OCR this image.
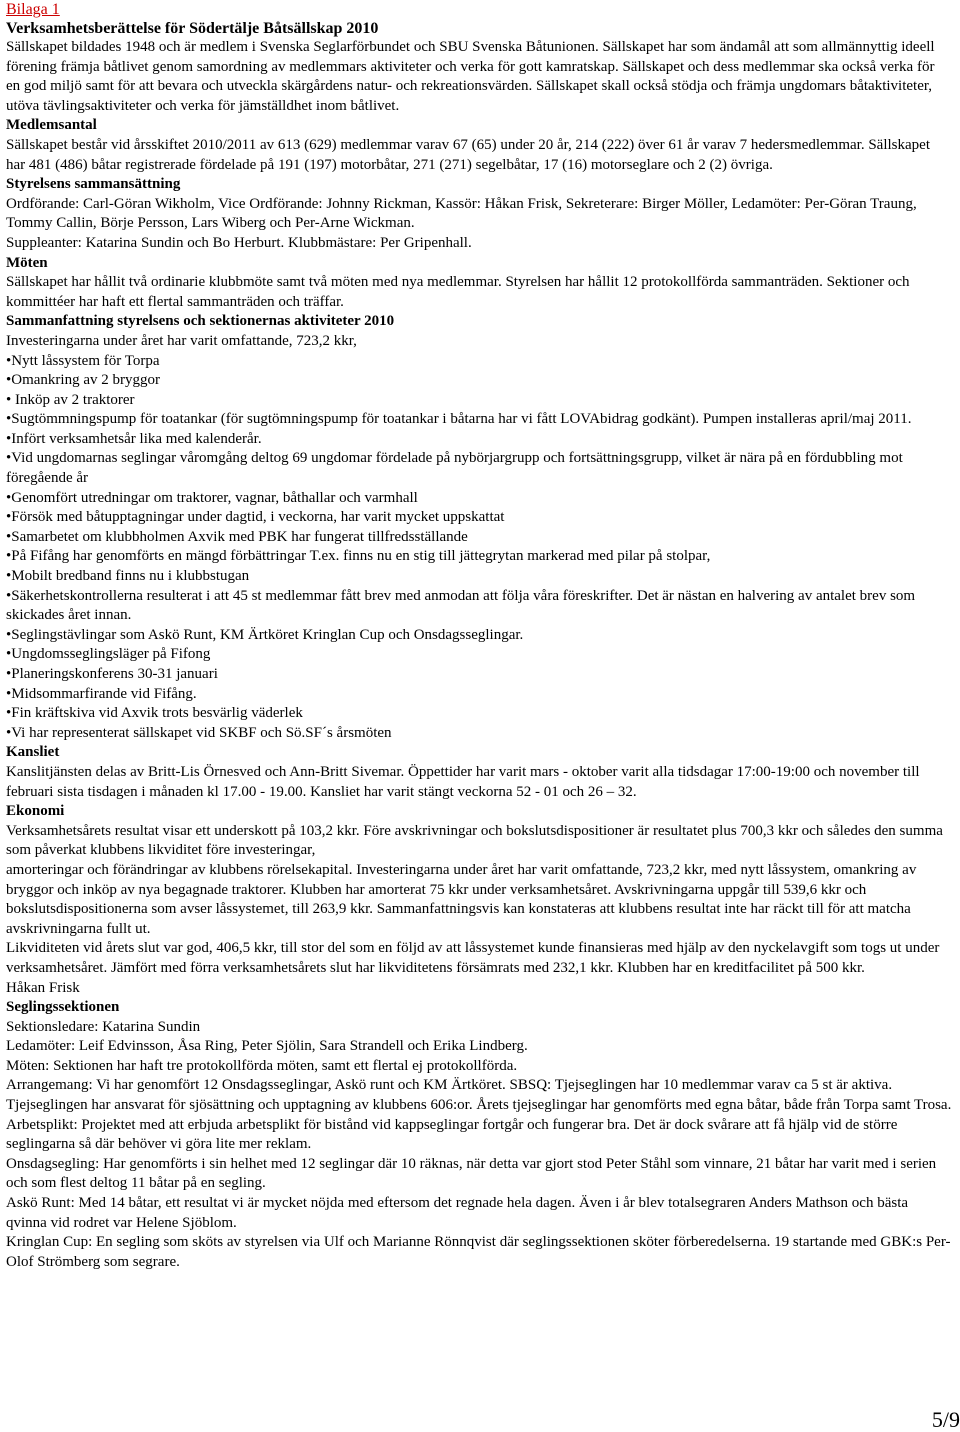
Bilaga 1
Verksamhetsberättelse för Södertälje Båtsällskap 2010

Sällskapet bildades 1948 och är medlem i Svenska Seglarförbundet och SBU Svenska Båtunionen. Sällskapet har som ändamål att som allmännyttig ideell förening främja båtlivet genom samordning av medlemmars aktiviteter och verka för gott kamratskap. Sällskapet och dess medlemmar ska också verka för en god miljö samt för att bevara och utveckla skärgårdens natur- och rekreationsvärden. Sällskapet skall också stödja och främja ungdomars båtaktiviteter, utöva tävlingsaktiviteter och verka för jämställdhet inom båtlivet.

Medlemsantal

Sällskapet består vid årsskiftet 2010/2011 av 613 (629) medlemmar varav 67 (65) under 20 år, 214 (222) över 61 år varav 7 hedersmedlemmar. Sällskapet har 481 (486) båtar registrerade fördelade på 191 (197) motorbåtar, 271 (271) segelbåtar, 17 (16) motorseglare och 2 (2) övriga.

Styrelsens sammansättning

Ordförande: Carl-Göran Wikholm, Vice Ordförande: Johnny Rickman, Kassör: Håkan Frisk, Sekreterare: Birger Möller, Ledamöter: Per-Göran Traung, Tommy Callin, Börje Persson, Lars Wiberg och Per-Arne Wickman.

Suppleanter: Katarina Sundin och Bo Herburt. Klubbmästare: Per Gripenhall.

Möten

Sällskapet har hållit två ordinarie klubbmöte samt två möten med nya medlemmar. Styrelsen har hållit 12 protokollförda sammanträden. Sektioner och kommittéer har haft ett flertal sammanträden och träffar.

Sammanfattning styrelsens och sektionernas aktiviteter 2010

Investeringarna under året har varit omfattande, 723,2 kkr,

•Nytt låssystem för Torpa

•Omankring av 2 bryggor

• Inköp av 2 traktorer

•Sugtömmningspump för toatankar (för sugtömningspump för toatankar i båtarna har vi fått LOVAbidrag godkänt). Pumpen installeras april/maj 2011.

•Infört verksamhetsår lika med kalenderår.

•Vid ungdomarnas seglingar våromgång deltog 69 ungdomar fördelade på nybörjargrupp och fortsättningsgrupp, vilket är nära på en fördubbling mot föregående år

•Genomfört utredningar om traktorer, vagnar, båthallar och varmhall

•Försök med båtupptagningar under dagtid, i veckorna, har varit mycket uppskattat

•Samarbetet om klubbholmen Axvik med PBK har fungerat tillfredsställande

•På Fifång har genomförts en mängd förbättringar T.ex. finns nu en stig till jättegrytan markerad med pilar på stolpar,

•Mobilt bredband finns nu i klubbstugan

•Säkerhetskontrollerna resulterat i att 45 st medlemmar fått brev med anmodan att följa våra föreskrifter. Det är nästan en halvering av antalet brev som skickades året innan.

•Seglingstävlingar som Askö Runt, KM Ärtköret Kringlan Cup och Onsdagsseglingar.

•Ungdomsseglingsläger på Fifong

•Planeringskonferens 30-31 januari

•Midsommarfirande vid Fifång.

•Fin kräftskiva vid Axvik trots besvärlig väderlek

•Vi har representerat sällskapet vid SKBF och Sö.SF´s årsmöten

Kansliet

Kanslitjänsten delas av Britt-Lis Örnesved och Ann-Britt Sivemar. Öppettider har varit mars - oktober varit alla tidsdagar 17:00-19:00 och november till februari sista tisdagen i månaden kl 17.00 - 19.00. Kansliet har varit stängt veckorna 52 - 01 och 26 – 32.

Ekonomi

Verksamhetsårets resultat visar ett underskott på 103,2 kkr. Före avskrivningar och bokslutsdispositioner är resultatet plus 700,3 kkr och således den summa som påverkat klubbens likviditet före investeringar,

amorteringar och förändringar av klubbens rörelsekapital. Investeringarna under året har varit omfattande, 723,2 kkr, med nytt låssystem, omankring av bryggor och inköp av nya begagnade traktorer. Klubben har amorterat 75 kkr under verksamhetsåret. Avskrivningarna uppgår till 539,6 kkr och bokslutsdispositionerna som avser låssystemet, till 263,9 kkr. Sammanfattningsvis kan konstateras att klubbens resultat inte har räckt till för att matcha avskrivningarna fullt ut.

Likviditeten vid årets slut var god, 406,5 kkr, till stor del som en följd av att låssystemet kunde finansieras med hjälp av den nyckelavgift som togs ut under verksamhetsåret. Jämfört med förra verksamhetsårets slut har likviditetens försämrats med 232,1 kkr. Klubben har en kreditfacilitet på 500 kkr.

Håkan Frisk

Seglingssektionen

Sektionsledare: Katarina Sundin

Ledamöter: Leif Edvinsson, Åsa Ring, Peter Sjölin, Sara Strandell och Erika Lindberg.

Möten: Sektionen har haft tre protokollförda möten, samt ett flertal ej protokollförda.

Arrangemang: Vi har genomfört 12 Onsdagsseglingar, Askö runt och KM Ärtköret. SBSQ: Tjejseglingen har 10 medlemmar varav ca 5 st är aktiva. Tjejseglingen har ansvarat för sjösättning och upptagning av klubbens 606:or. Årets tjejseglingar har genomförts med egna båtar, både från Torpa samt Trosa.

Arbetsplikt: Projektet med att erbjuda arbetsplikt för bistånd vid kappseglingar fortgår och fungerar bra. Det är dock svårare att få hjälp vid de större seglingarna så där behöver vi göra lite mer reklam.

Onsdagsegling: Har genomförts i sin helhet med 12 seglingar där 10 räknas, när detta var gjort stod Peter Ståhl som vinnare, 21 båtar har varit med i serien och som flest deltog 11 båtar på en segling.

Askö Runt: Med 14 båtar, ett resultat vi är mycket nöjda med eftersom det regnade hela dagen. Även i år blev totalsegraren Anders Mathson och bästa qvinna vid rodret var Helene Sjöblom.

Kringlan Cup: En segling som sköts av styrelsen via Ulf och Marianne Rönnqvist där seglingssektionen sköter förberedelserna. 19 startande med GBK:s Per-Olof Strömberg som segrare.

5/9
